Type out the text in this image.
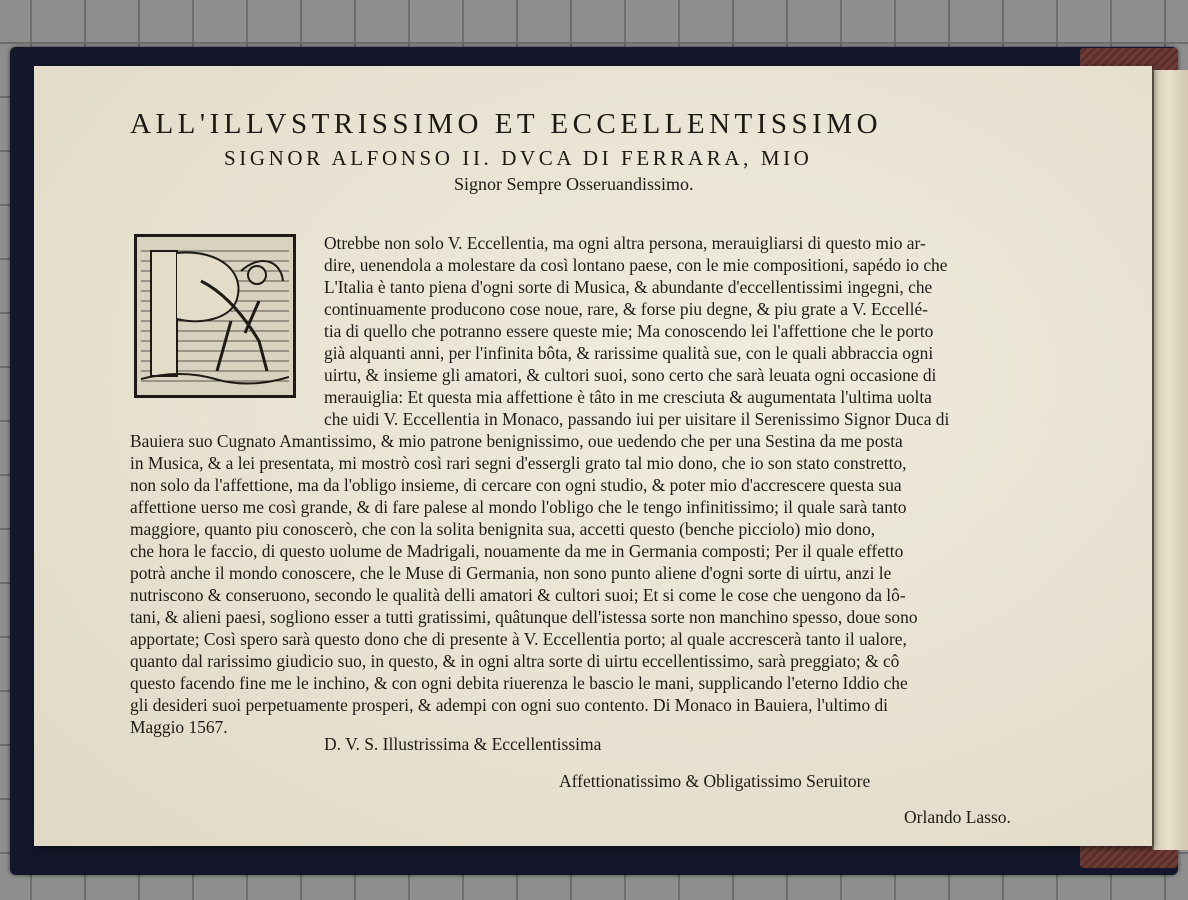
ALL'ILLVSTRISSIMO ET ECCELLENTISSIMO
SIGNOR ALFONSO II. DVCA DI FERRARA, MIO
Signor Sempre Osseruandissimo.
Otrebbe non solo V. Eccellentia, ma ogni altra persona, merauigliarsi di questo mio ar-
dire, uenendola a molestare da così lontano paese, con le mie compositioni, sapédo io che
L'Italia è tanto piena d'ogni sorte di Musica, & abundante d'eccellentissimi ingegni, che
continuamente producono cose noue, rare, & forse piu degne, & piu grate a V. Eccellé-
tia di quello che potranno essere queste mie; Ma conoscendo lei l'affettione che le porto
già alquanti anni, per l'infinita bôta, & rarissime qualità sue, con le quali abbraccia ogni
uirtu, & insieme gli amatori, & cultori suoi, sono certo che sarà leuata ogni occasione di
merauiglia: Et questa mia affettione è tâto in me cresciuta & augumentata l'ultima uolta
che uidi V. Eccellentia in Monaco, passando iui per uisitare il Serenissimo Signor Duca di
Bauiera suo Cugnato Amantissimo, & mio patrone benignissimo, oue uedendo che per una Sestina da me posta
in Musica, & a lei presentata, mi mostrò così rari segni d'essergli grato tal mio dono, che io son stato constretto,
non solo da l'affettione, ma da l'obligo insieme, di cercare con ogni studio, & poter mio d'accrescere questa sua
affettione uerso me così grande, & di fare palese al mondo l'obligo che le tengo infinitissimo; il quale sarà tanto
maggiore, quanto piu conoscerò, che con la solita benignita sua, accetti questo (benche picciolo) mio dono,
che hora le faccio, di questo uolume de Madrigali, nouamente da me in Germania composti; Per il quale effetto
potrà anche il mondo conoscere, che le Muse di Germania, non sono punto aliene d'ogni sorte di uirtu, anzi le
nutriscono & conseruono, secondo le qualità delli amatori & cultori suoi; Et si come le cose che uengono da lô-
tani, & alieni paesi, sogliono esser a tutti gratissimi, quâtunque dell'istessa sorte non manchino spesso, doue sono
apportate; Così spero sarà questo dono che di presente à V. Eccellentia porto; al quale accrescerà tanto il ualore,
quanto dal rarissimo giudicio suo, in questo, & in ogni altra sorte di uirtu eccellentissimo, sarà preggiato; & cô
questo facendo fine me le inchino, & con ogni debita riuerenza le bascio le mani, supplicando l'eterno Iddio che
gli desideri suoi perpetuamente prosperi, & adempi con ogni suo contento. Di Monaco in Bauiera, l'ultimo di
Maggio 1567.
D. V. S. Illustrissima & Eccellentissima
Affettionatissimo & Obligatissimo Seruitore
Orlando Lasso.
